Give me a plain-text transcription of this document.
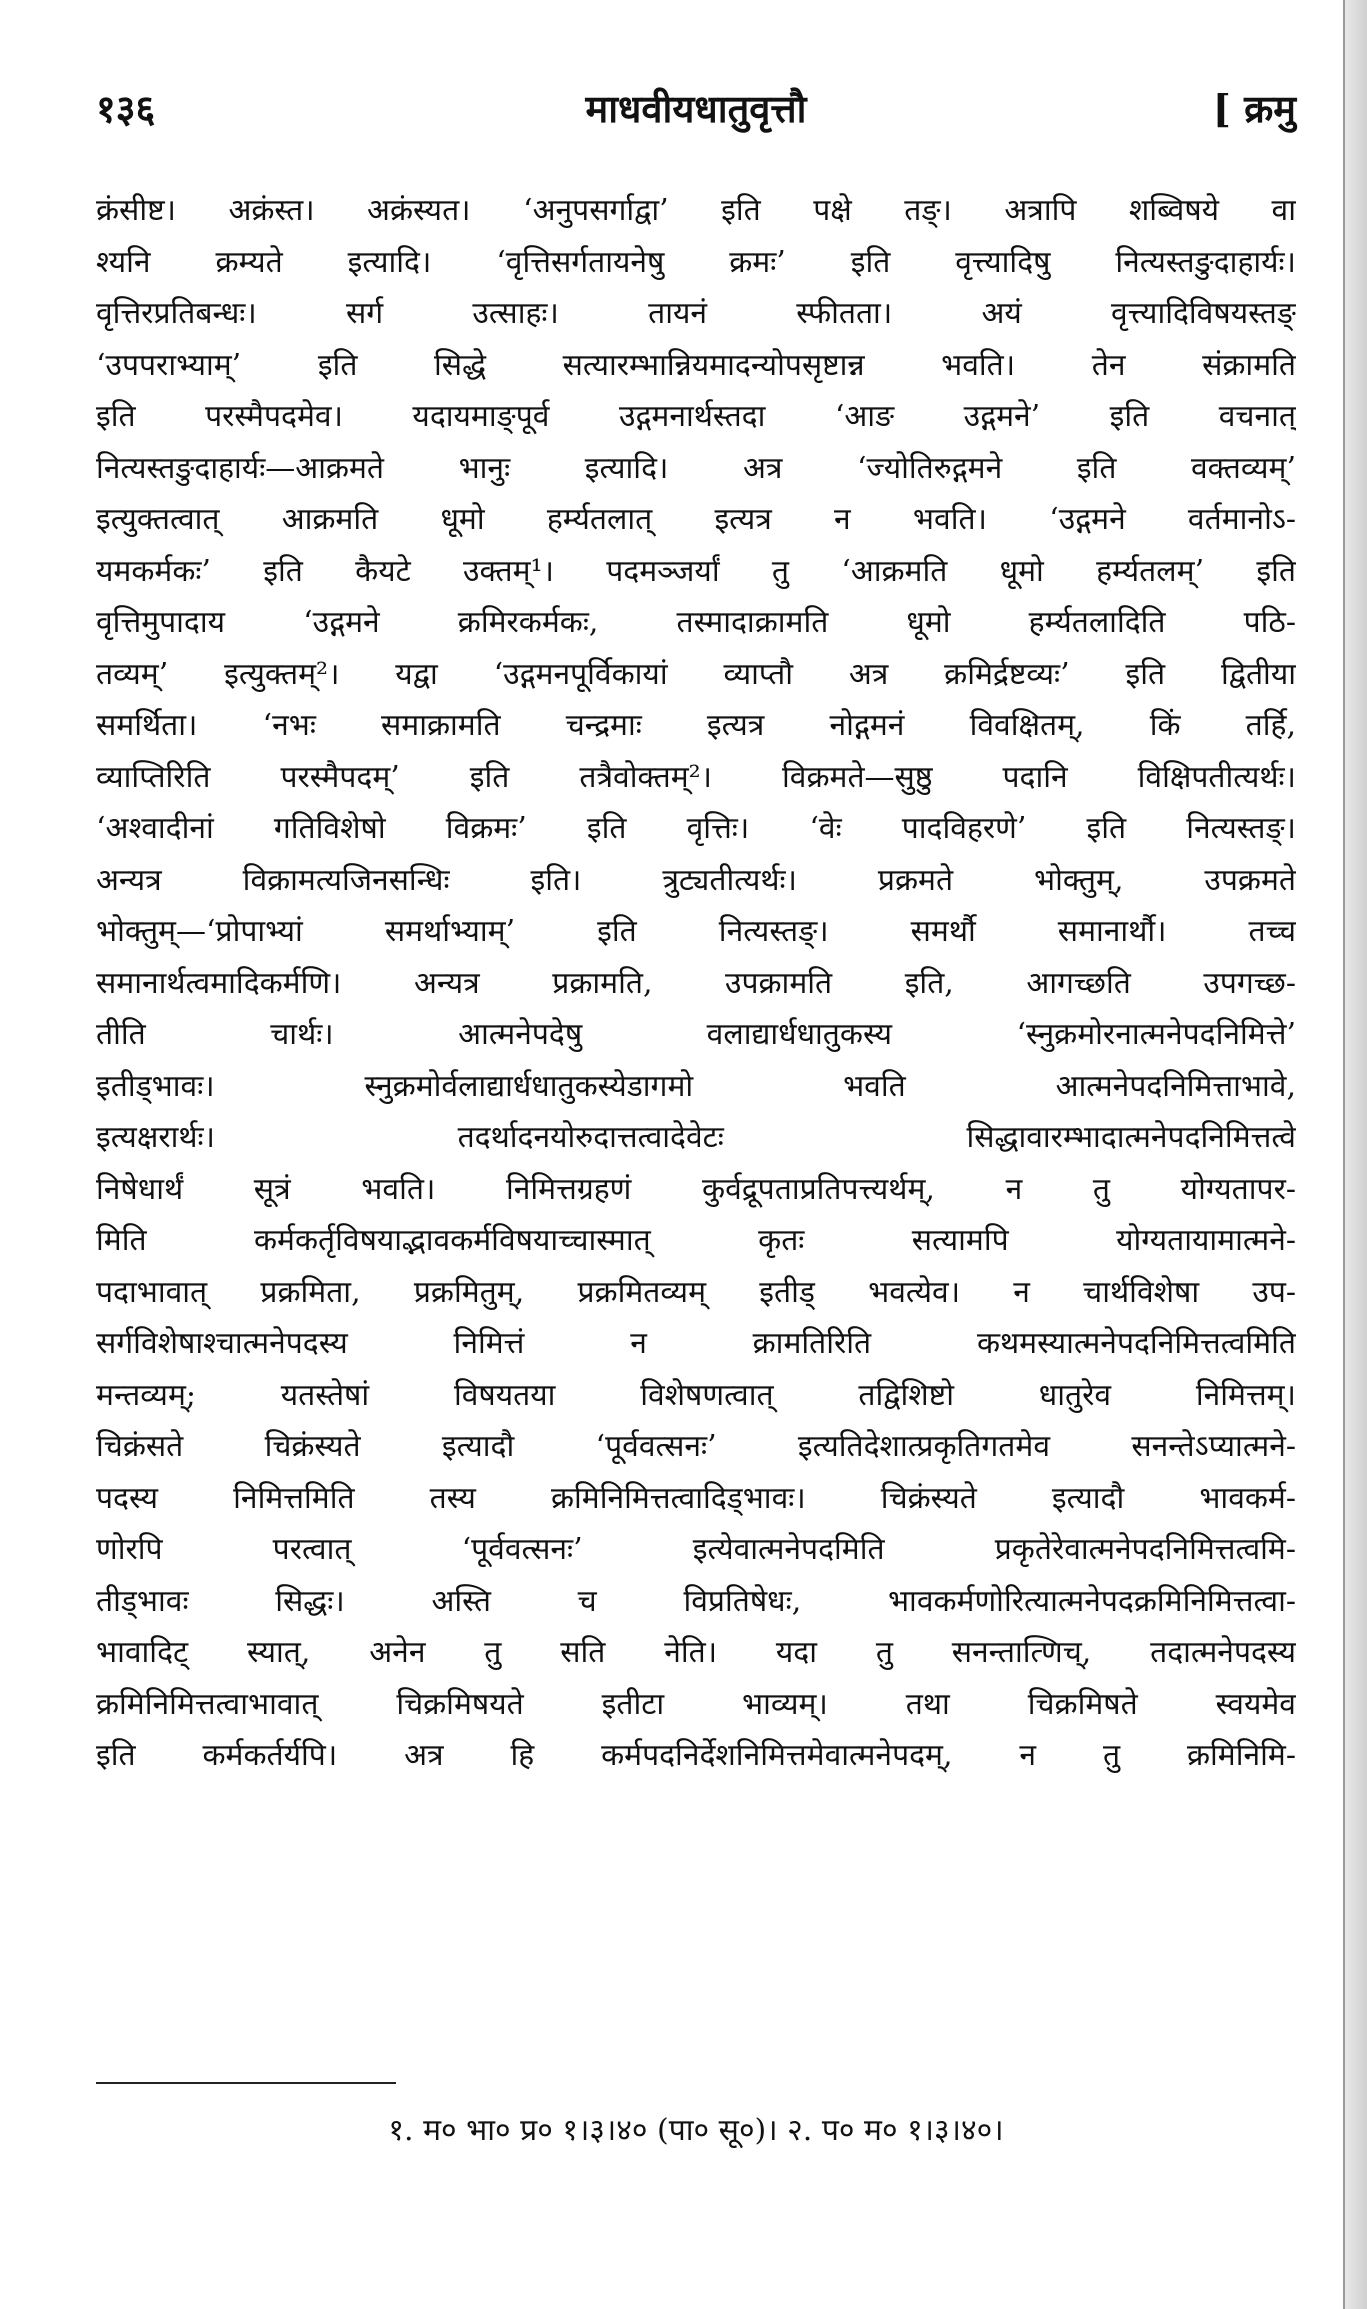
१३६	माधवीयधातुवृत्तौ	[ क्रमु
क्रंसीष्ट। अक्रंस्त। अक्रंस्यत। ‘अनुपसर्गाद्वा’ इति पक्षे तङ्। अत्रापि शब्विषये वा
श्यनि क्रम्यते इत्यादि। ‘वृत्तिसर्गतायनेषु क्रमः’ इति वृत्त्यादिषु नित्यस्तङुदाहार्यः।
वृत्तिरप्रतिबन्धः। सर्ग उत्साहः। तायनं स्फीतता। अयं वृत्त्यादिविषयस्तङ्
‘उपपराभ्याम्’ इति सिद्धे सत्यारम्भान्नियमादन्योपसृष्टान्न भवति। तेन संक्रामति
इति परस्मैपदमेव। यदायमाङ्पूर्व उद्गमनार्थस्तदा ‘आङ उद्गमने’ इति वचनात्
नित्यस्तङुदाहार्यः—आक्रमते भानुः इत्यादि। अत्र ‘ज्योतिरुद्गमने इति वक्तव्यम्’
इत्युक्तत्वात् आक्रमति धूमो हर्म्यतलात् इत्यत्र न भवति। ‘उद्गमने वर्तमानोऽ-
यमकर्मकः’ इति कैयटे उक्तम्¹। पदमञ्जर्यां तु ‘आक्रमति धूमो हर्म्यतलम्’ इति
वृत्तिमुपादाय ‘उद्गमने क्रमिरकर्मकः, तस्मादाक्रामति धूमो हर्म्यतलादिति पठि-
तव्यम्’ इत्युक्तम्²। यद्वा ‘उद्गमनपूर्विकायां व्याप्तौ अत्र क्रमिर्द्रष्टव्यः’ इति द्वितीया
समर्थिता। ‘नभः समाक्रामति चन्द्रमाः इत्यत्र नोद्गमनं विवक्षितम्, किं तर्हि,
व्याप्तिरिति परस्मैपदम्’ इति तत्रैवोक्तम्²। विक्रमते—सुष्ठु पदानि विक्षिपतीत्यर्थः।
‘अश्वादीनां गतिविशेषो विक्रमः’ इति वृत्तिः। ‘वेः पादविहरणे’ इति नित्यस्तङ्।
अन्यत्र विक्रामत्यजिनसन्धिः इति। त्रुट्यतीत्यर्थः। प्रक्रमते भोक्तुम्, उपक्रमते
भोक्तुम्—‘प्रोपाभ्यां समर्थाभ्याम्’ इति नित्यस्तङ्। समर्थौ समानार्थौ। तच्च
समानार्थत्वमादिकर्मणि। अन्यत्र प्रक्रामति, उपक्रामति इति, आगच्छति उपगच्छ-
तीति चार्थः। आत्मनेपदेषु वलाद्यार्धधातुकस्य ‘स्नुक्रमोरनात्मनेपदनिमित्ते’
इतीड्भावः। स्नुक्रमोर्वलाद्यार्धधातुकस्येडागमो भवति आत्मनेपदनिमित्ताभावे,
इत्यक्षरार्थः। तदर्थादनयोरुदात्तत्वादेवेटः सिद्धावारम्भादात्मनेपदनिमित्तत्वे
निषेधार्थं सूत्रं भवति। निमित्तग्रहणं कुर्वद्रूपताप्रतिपत्त्यर्थम्, न तु योग्यतापर-
मिति कर्मकर्तृविषयाद्भावकर्मविषयाच्चास्मात् कृतः सत्यामपि योग्यतायामात्मने-
पदाभावात् प्रक्रमिता, प्रक्रमितुम्, प्रक्रमितव्यम् इतीड् भवत्येव। न चार्थविशेषा उप-
सर्गविशेषाश्चात्मनेपदस्य निमित्तं न क्रामतिरिति कथमस्यात्मनेपदनिमित्तत्वमिति
मन्तव्यम्; यतस्तेषां विषयतया विशेषणत्वात् तद्विशिष्टो धातुरेव निमित्तम्।
चिक्रंसते चिक्रंस्यते इत्यादौ ‘पूर्ववत्सनः’ इत्यतिदेशात्प्रकृतिगतमेव सनन्तेऽप्यात्मने-
पदस्य निमित्तमिति तस्य क्रमिनिमित्तत्वादिड्भावः। चिक्रंस्यते इत्यादौ भावकर्म-
णोरपि परत्वात् ‘पूर्ववत्सनः’ इत्येवात्मनेपदमिति प्रकृतेरेवात्मनेपदनिमित्तत्वमि-
तीड्भावः सिद्धः। अस्ति च विप्रतिषेधः, भावकर्मणोरित्यात्मनेपदक्रमिनिमित्तत्वा-
भावादिट् स्यात्, अनेन तु सति नेति। यदा तु सनन्तात्णिच्, तदात्मनेपदस्य
क्रमिनिमित्तत्वाभावात् चिक्रमिषयते इतीटा भाव्यम्। तथा चिक्रमिषते स्वयमेव
इति कर्मकर्तर्यपि। अत्र हि कर्मपदनिर्देशनिमित्तमेवात्मनेपदम्, न तु क्रमिनिमि-
१. म० भा० प्र० १।३।४० (पा० सू०)। २. प० म० १।३।४०।
